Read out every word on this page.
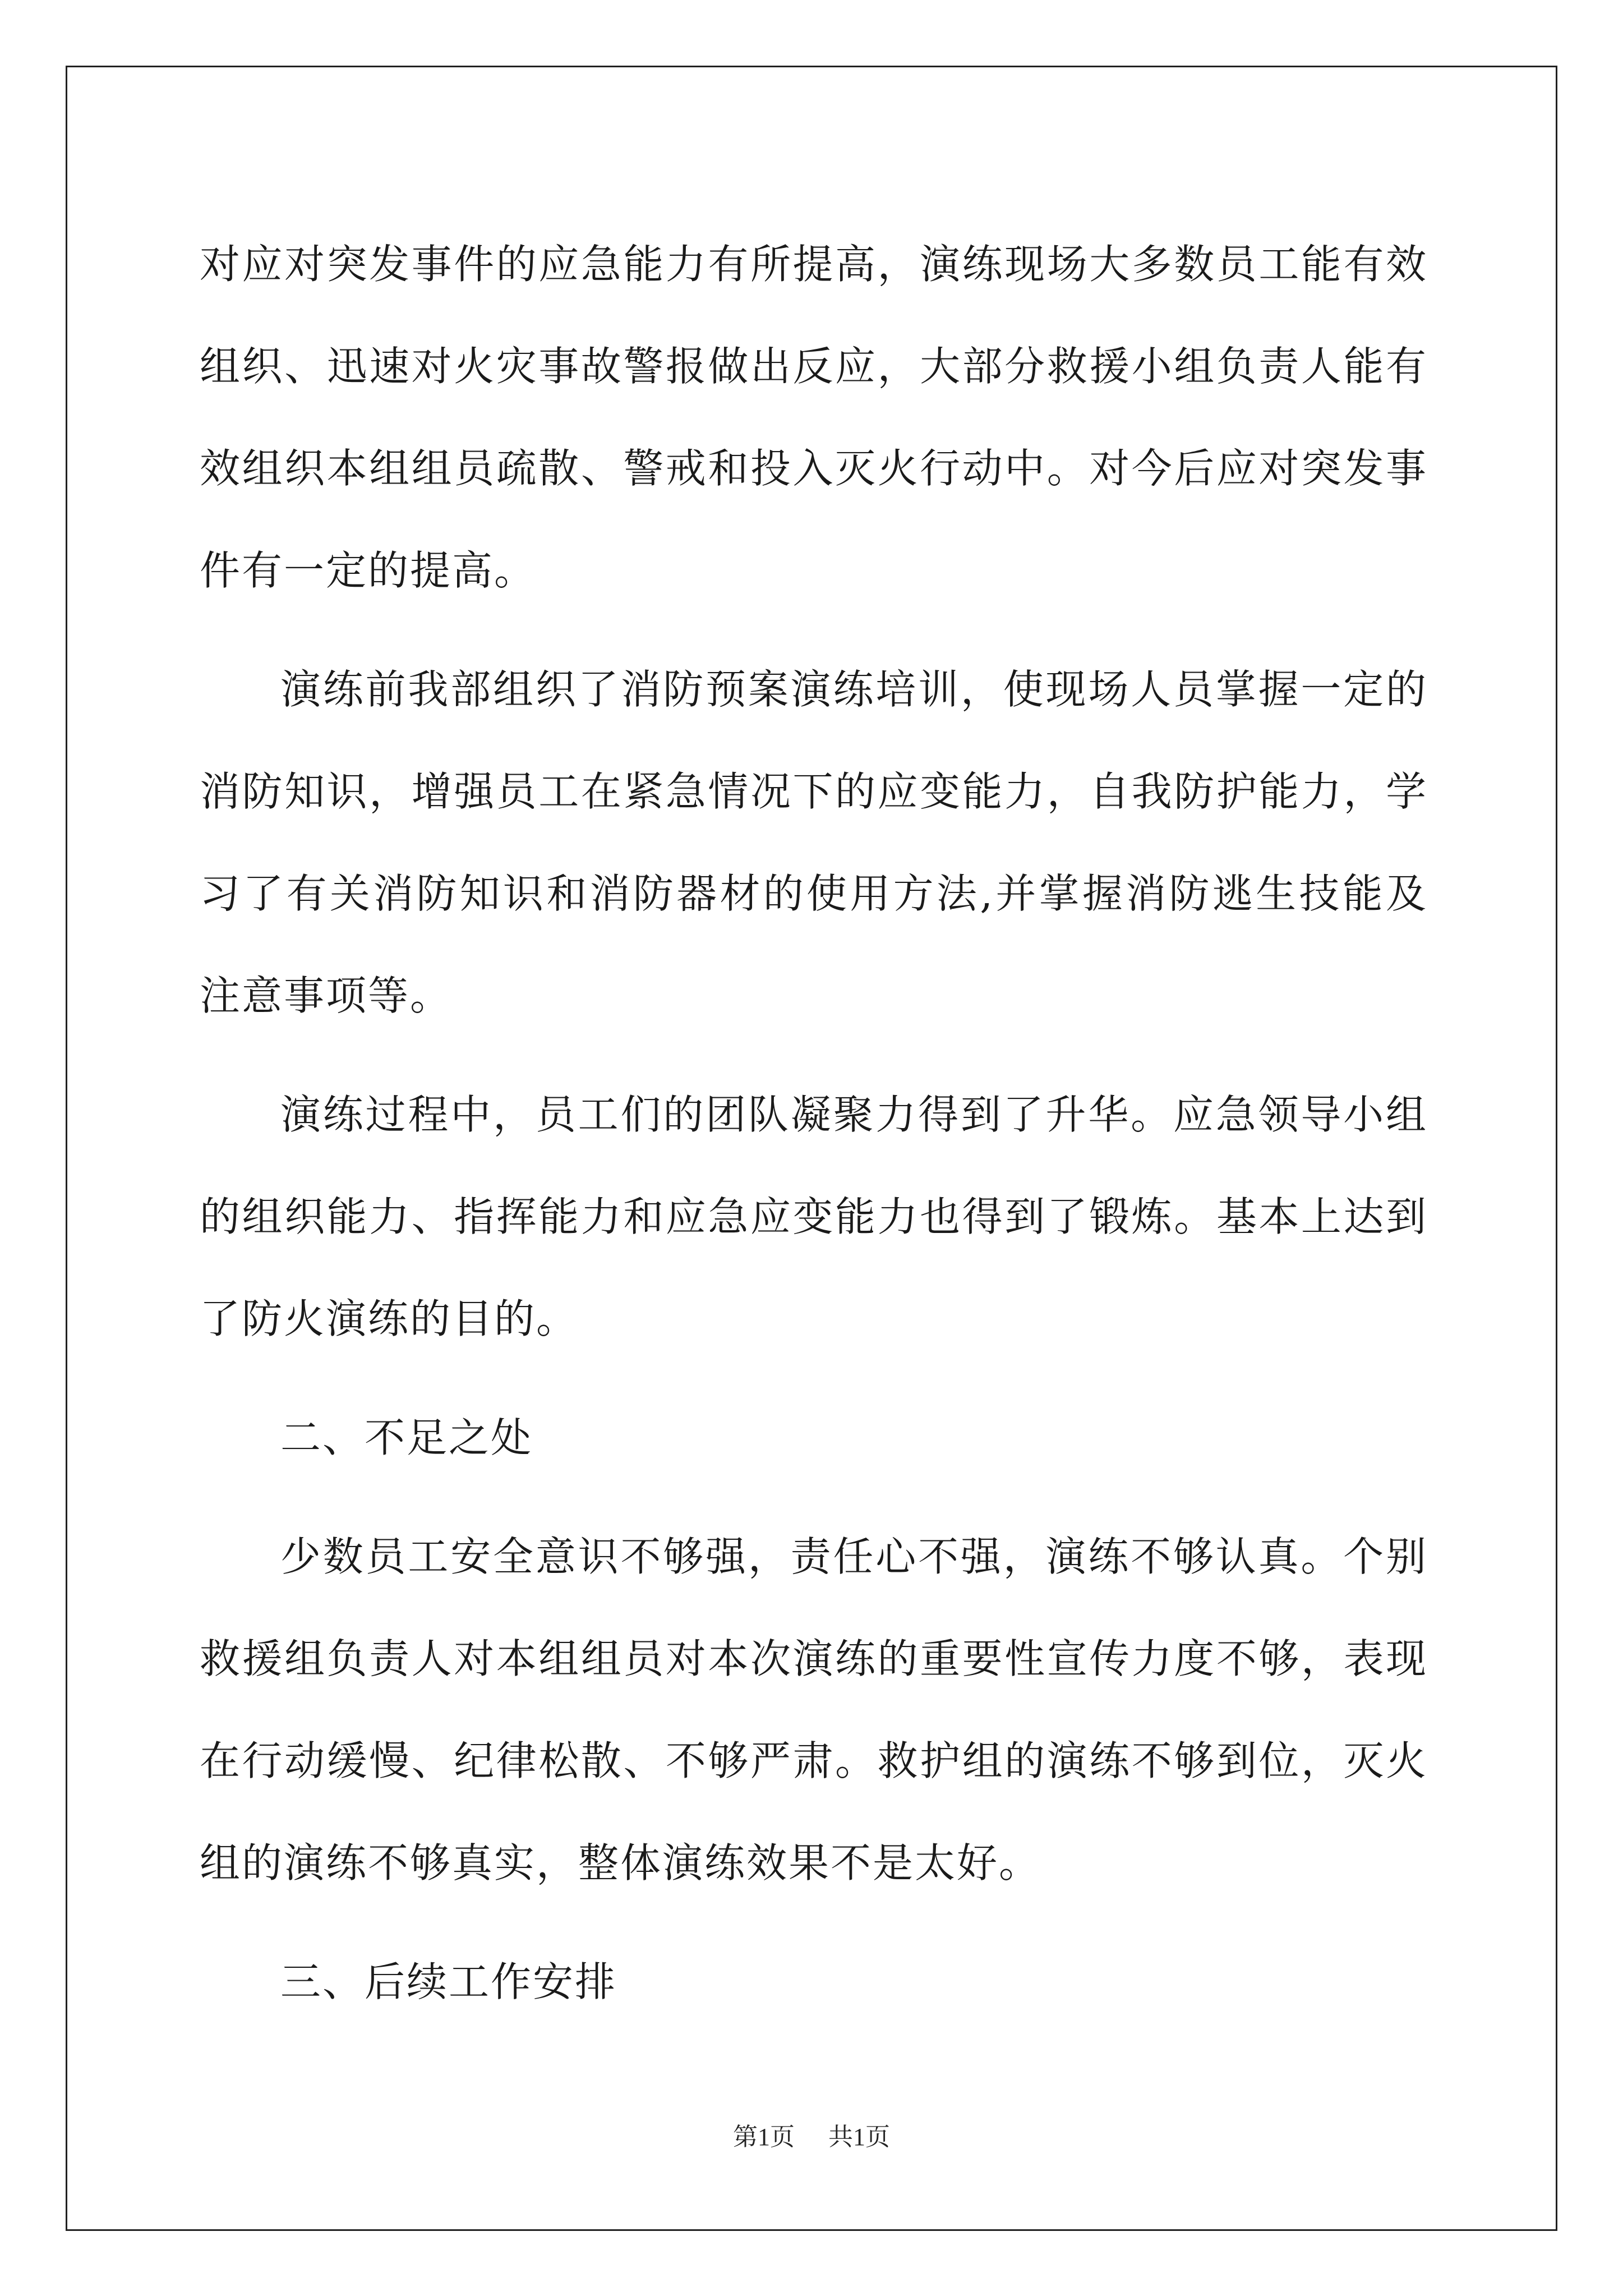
对应对突发事件的应急能力有所提高，演练现场大多数员工能有效组织、迅速对火灾事故警报做出反应，大部分救援小组负责人能有效组织本组组员疏散、警戒和投入灭火行动中。对今后应对突发事件有一定的提高。

演练前我部组织了消防预案演练培训，使现场人员掌握一定的消防知识，增强员工在紧急情况下的应变能力，自我防护能力，学习了有关消防知识和消防器材的使用方法,并掌握消防逃生技能及注意事项等。

演练过程中，员工们的团队凝聚力得到了升华。应急领导小组的组织能力、指挥能力和应急应变能力也得到了锻炼。基本上达到了防火演练的目的。

二、不足之处

少数员工安全意识不够强，责任心不强，演练不够认真。个别救援组负责人对本组组员对本次演练的重要性宣传力度不够，表现在行动缓慢、纪律松散、不够严肃。救护组的演练不够到位，灭火组的演练不够真实，整体演练效果不是太好。

三、后续工作安排

第1页 共1页
